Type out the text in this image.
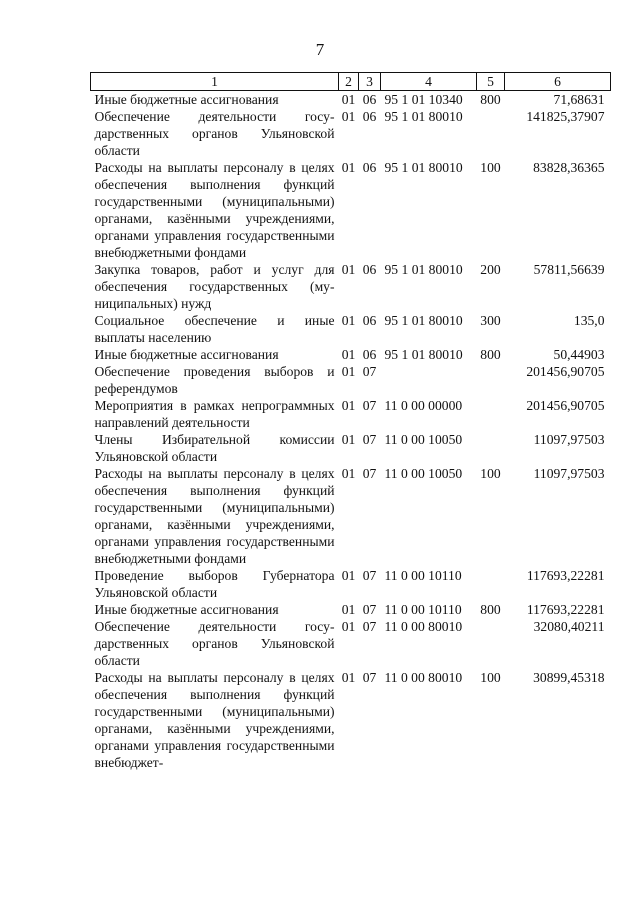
7
1	2	3	4	5	6
Иные бюджетные ассигнования	01	06	95 1 01 10340	800	71,68631
Обеспечение деятельности государственных органов Ульяновской области	01	06	95 1 01 80010		141825,37907
Расходы на выплаты персоналу в целях обеспечения выполнения функций государственными (муниципальными) органами, казёнными учреждениями, органами управления государственными внебюджетными фондами	01	06	95 1 01 80010	100	83828,36365
Закупка товаров, работ и услуг для обеспечения государственных (муниципальных) нужд	01	06	95 1 01 80010	200	57811,56639
Социальное обеспечение и иные выплаты населению	01	06	95 1 01 80010	300	135,0
Иные бюджетные ассигнования	01	06	95 1 01 80010	800	50,44903
Обеспечение проведения выборов и референдумов	01	07			201456,90705
Мероприятия в рамках непрограммных направлений деятельности	01	07	11 0 00 00000		201456,90705
Члены Избирательной комиссии Ульяновской области	01	07	11 0 00 10050		11097,97503
Расходы на выплаты персоналу в целях обеспечения выполнения функций государственными (муниципальными) органами, казёнными учреждениями, органами управления государственными внебюджетными фондами	01	07	11 0 00 10050	100	11097,97503
Проведение выборов Губернатора Ульяновской области	01	07	11 0 00 10110		117693,22281
Иные бюджетные ассигнования	01	07	11 0 00 10110	800	117693,22281
Обеспечение деятельности государственных органов Ульяновской области	01	07	11 0 00 80010		32080,40211
Расходы на выплаты персоналу в целях обеспечения выполнения функций государственными (муниципальными) органами, казёнными учреждениями, органами управления государственными внебюджет-	01	07	11 0 00 80010	100	30899,45318
